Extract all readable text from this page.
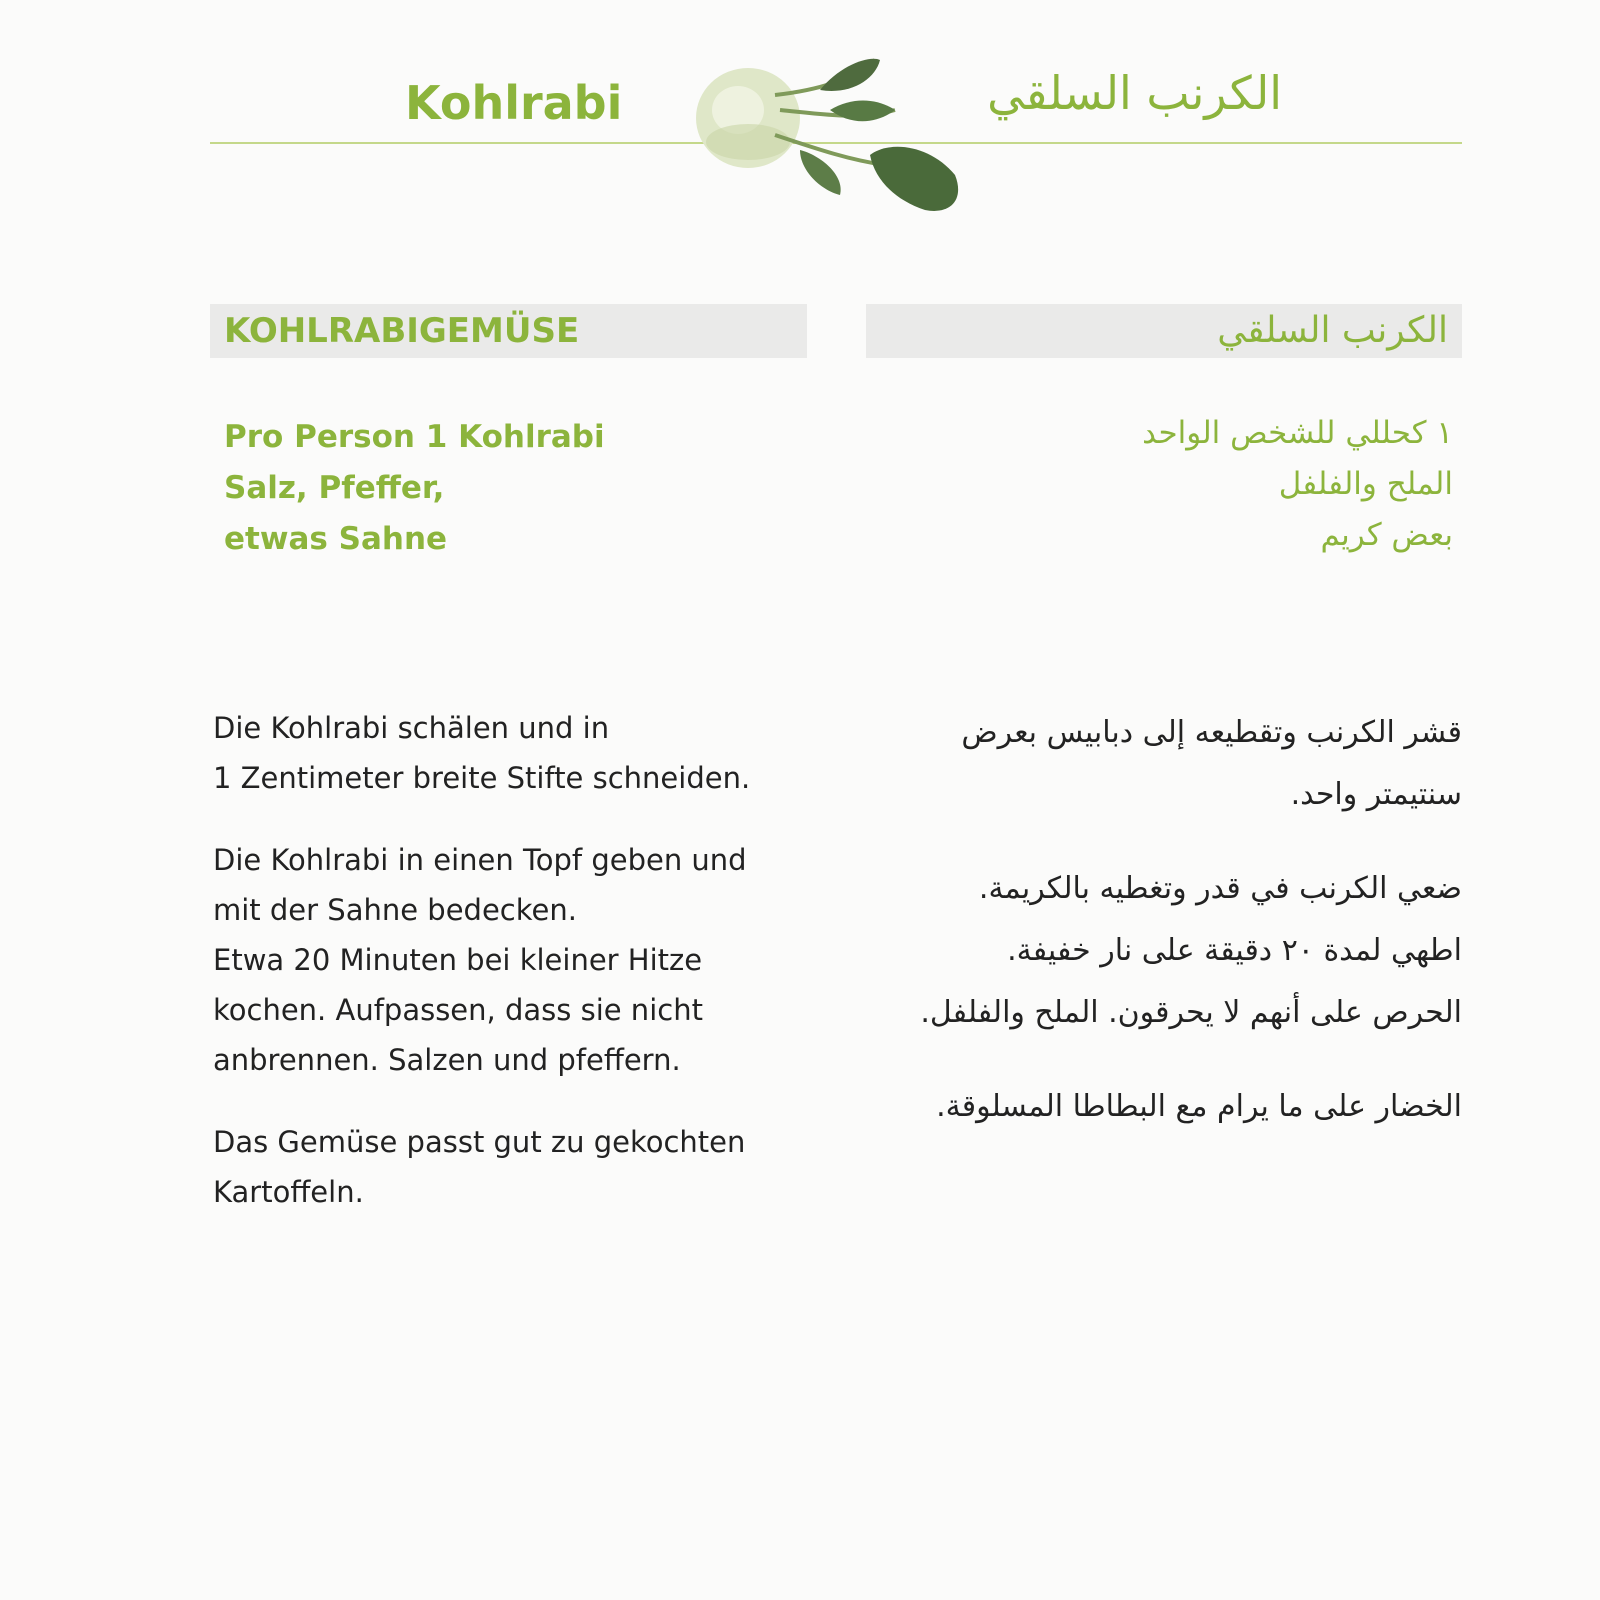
Kohlrabi	الكرنب السلقي
KOHLRABIGEMÜSE	الكرنب السلقي
Pro Person 1 Kohlrabi
Salz, Pfeffer,
etwas Sahne
١ كحللي للشخص الواحد
الملح والفلفل
بعض كريم

Die Kohlrabi schälen und in
1 Zentimeter breite Stifte schneiden.

Die Kohlrabi in einen Topf geben und
mit der Sahne bedecken.
Etwa 20 Minuten bei kleiner Hitze
kochen. Aufpassen, dass sie nicht
anbrennen. Salzen und pfeffern.

Das Gemüse passt gut zu gekochten
Kartoffeln.

قشر الكرنب وتقطيعه إلى دبابيس بعرض
سنتيمتر واحد.

ضعي الكرنب في قدر وتغطيه بالكريمة.
اطهي لمدة ٢٠ دقيقة على نار خفيفة.
الحرص على أنهم لا يحرقون. الملح والفلفل.

الخضار على ما يرام مع البطاطا المسلوقة.
